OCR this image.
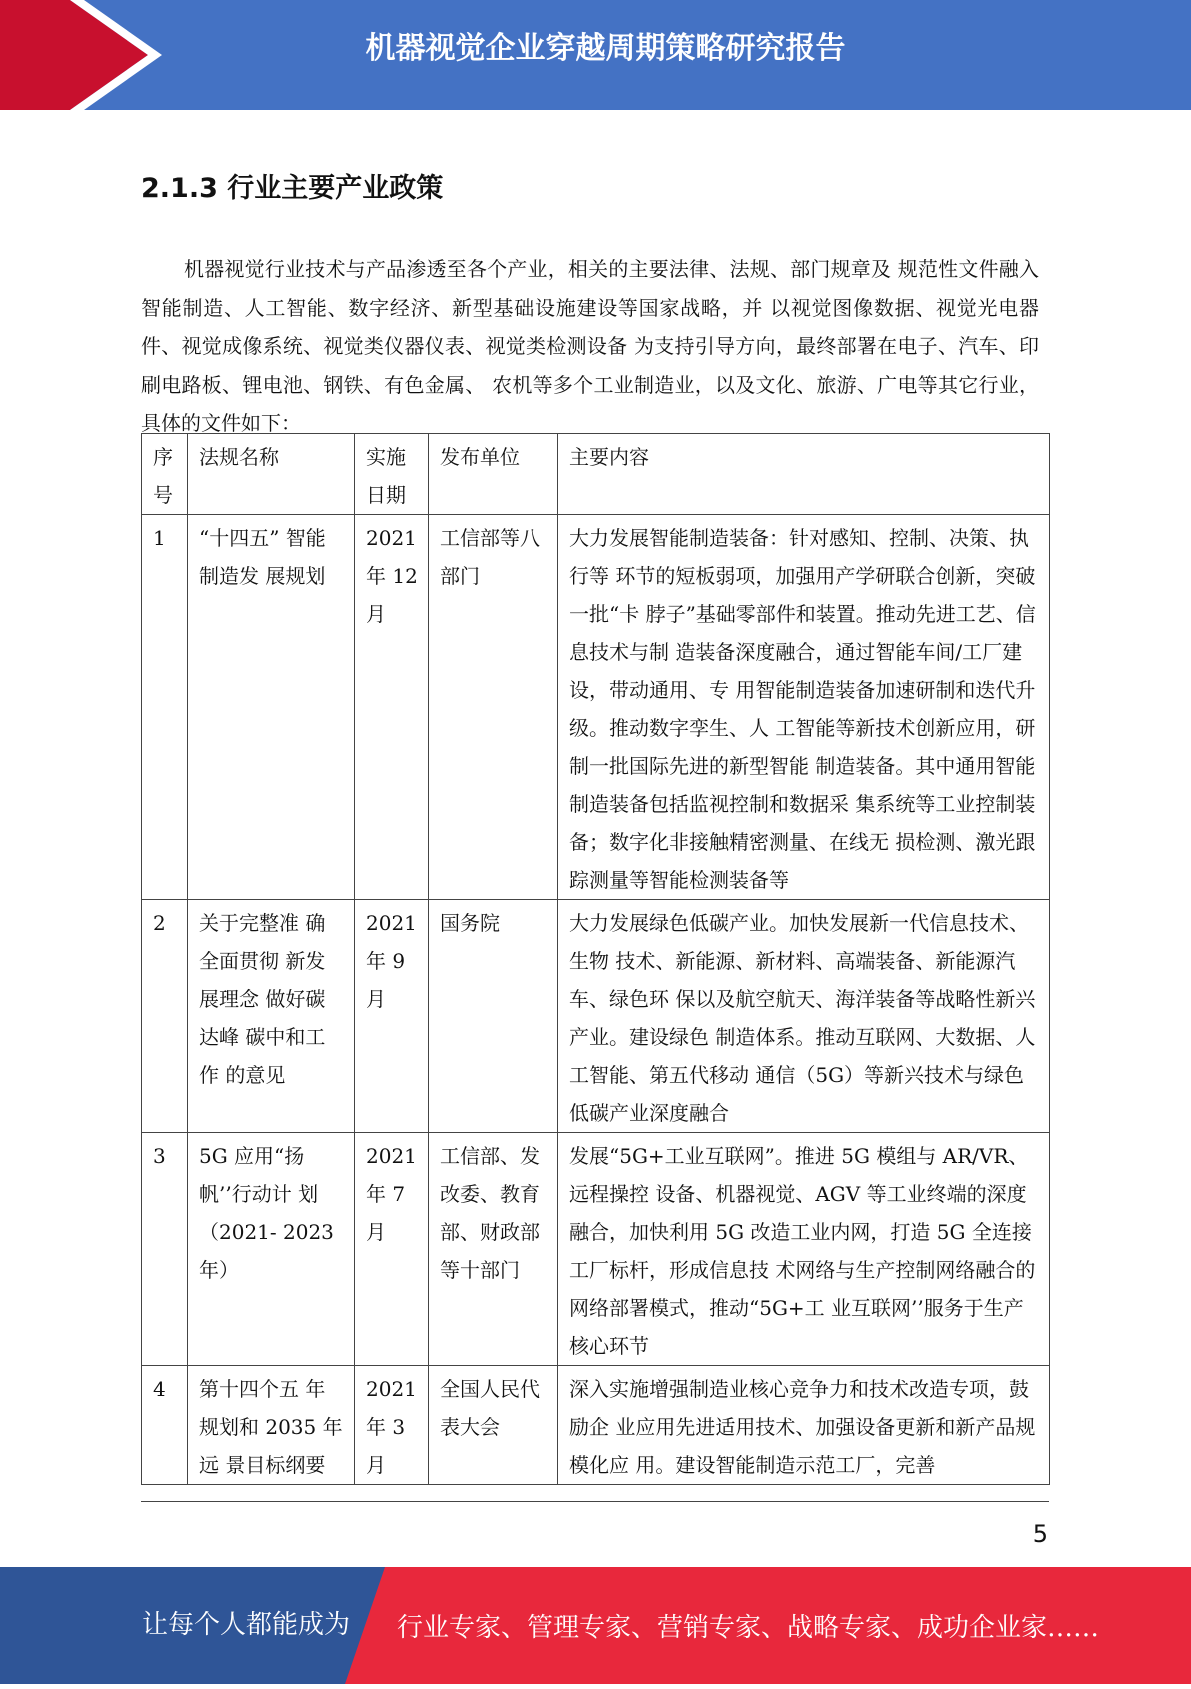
机器视觉企业穿越周期策略研究报告
2.1.3 行业主要产业政策
机器视觉行业技术与产品渗透至各个产业，相关的主要法律、法规、部门规章及 规范性文件融入智能制造、人工智能、数字经济、新型基础设施建设等国家战略，并 以视觉图像数据、视觉光电器件、视觉成像系统、视觉类仪器仪表、视觉类检测设备 为支持引导方向，最终部署在电子、汽车、印刷电路板、锂电池、钢铁、有色金属、 农机等多个工业制造业，以及文化、旅游、广电等其它行业，具体的文件如下：
序号	法规名称	实施日期	发布单位	主要内容
1	“十四五” 智能制造发 展规划	2021 年 12 月	工信部等八部门	大力发展智能制造装备：针对感知、控制、决策、执行等 环节的短板弱项，加强用产学研联合创新，突破一批“卡 脖子”基础零部件和装置。推动先进工艺、信息技术与制 造装备深度融合，通过智能车间/工厂建设，带动通用、专 用智能制造装备加速研制和迭代升级。推动数字孪生、人 工智能等新技术创新应用，研制一批国际先进的新型智能 制造装备。其中通用智能制造装备包括监视控制和数据采 集系统等工业控制装备；数字化非接触精密测量、在线无 损检测、激光跟踪测量等智能检测装备等
2	关于完整准 确全面贯彻 新发展理念 做好碳达峰 碳中和工作 的意见	2021 年 9 月	国务院	大力发展绿色低碳产业。加快发展新一代信息技术、生物 技术、新能源、新材料、高端装备、新能源汽车、绿色环 保以及航空航天、海洋装备等战略性新兴产业。建设绿色 制造体系。推动互联网、大数据、人工智能、第五代移动 通信（5G）等新兴技术与绿色低碳产业深度融合
3	5G 应用“扬 帆’’行动计 划 （2021- 2023 年）	2021 年 7 月	工信部、发改委、教育部、财政部等十部门	发展“5G+工业互联网”。推进 5G 模组与 AR/VR、远程操控 设备、机器视觉、AGV 等工业终端的深度融合，加快利用 5G 改造工业内网，打造 5G 全连接工厂标杆，形成信息技 术网络与生产控制网络融合的网络部署模式，推动“5G+工 业互联网’’服务于生产核心环节
4	第十四个五 年规划和 2035 年远 景目标纲要	2021 年 3 月	全国人民代表大会	深入实施增强制造业核心竞争力和技术改造专项，鼓励企 业应用先进适用技术、加强设备更新和新产品规模化应 用。建设智能制造示范工厂，完善
5
让每个人都能成为 行业专家、管理专家、营销专家、战略专家、成功企业家……
